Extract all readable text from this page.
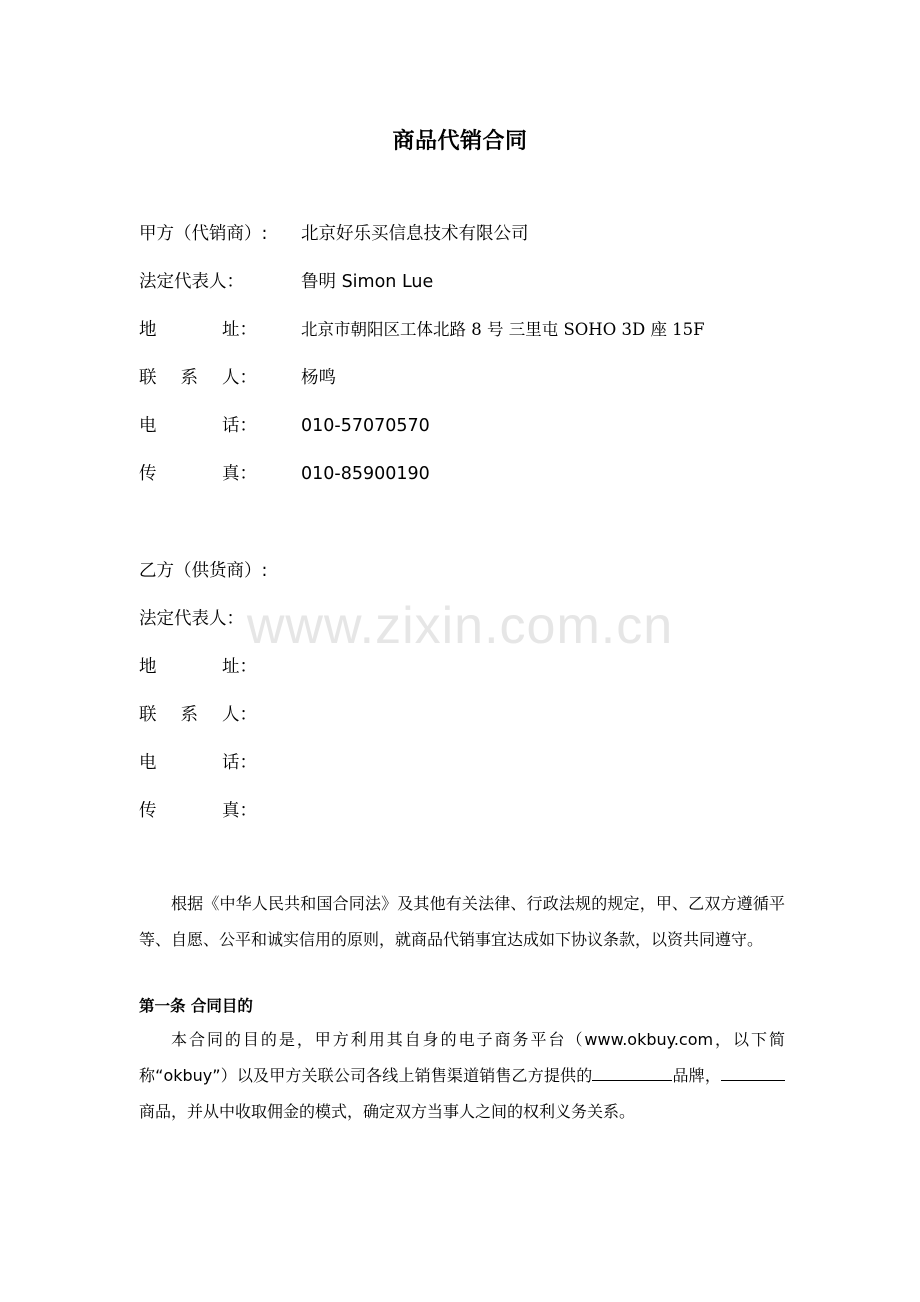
www.zixin.com.cn
商品代销合同
甲方（代销商）:	北京好乐买信息技术有限公司
法定代表人：	鲁明 Simon Lue
地	址 ：	北京市朝阳区工体北路 8 号 三里屯 SOHO 3D 座 15F
联 系 人 ：	杨鸣
电	话 ：	010-57070570
传	真 ：	010-85900190
乙方（供货商）:
法定代表人：
地	址 ：
联 系 人 ：
电	话 ：
传	真 ：
根据《中华人民共和国合同法》及其他有关法律、行政法规的规定，甲、乙双方遵循平等、自愿、公平和诚实信用的原则，就商品代销事宜达成如下协议条款，以资共同遵守。
第一条 合同目的
本合同的目的是，甲方利用其自身的电子商务平台（www.okbuy.com，以下简称“okbuy”）以及甲方关联公司各线上销售渠道销售乙方提供的	品牌，商品，并从中收取佣金的模式，确定双方当事人之间的权利义务关系。
